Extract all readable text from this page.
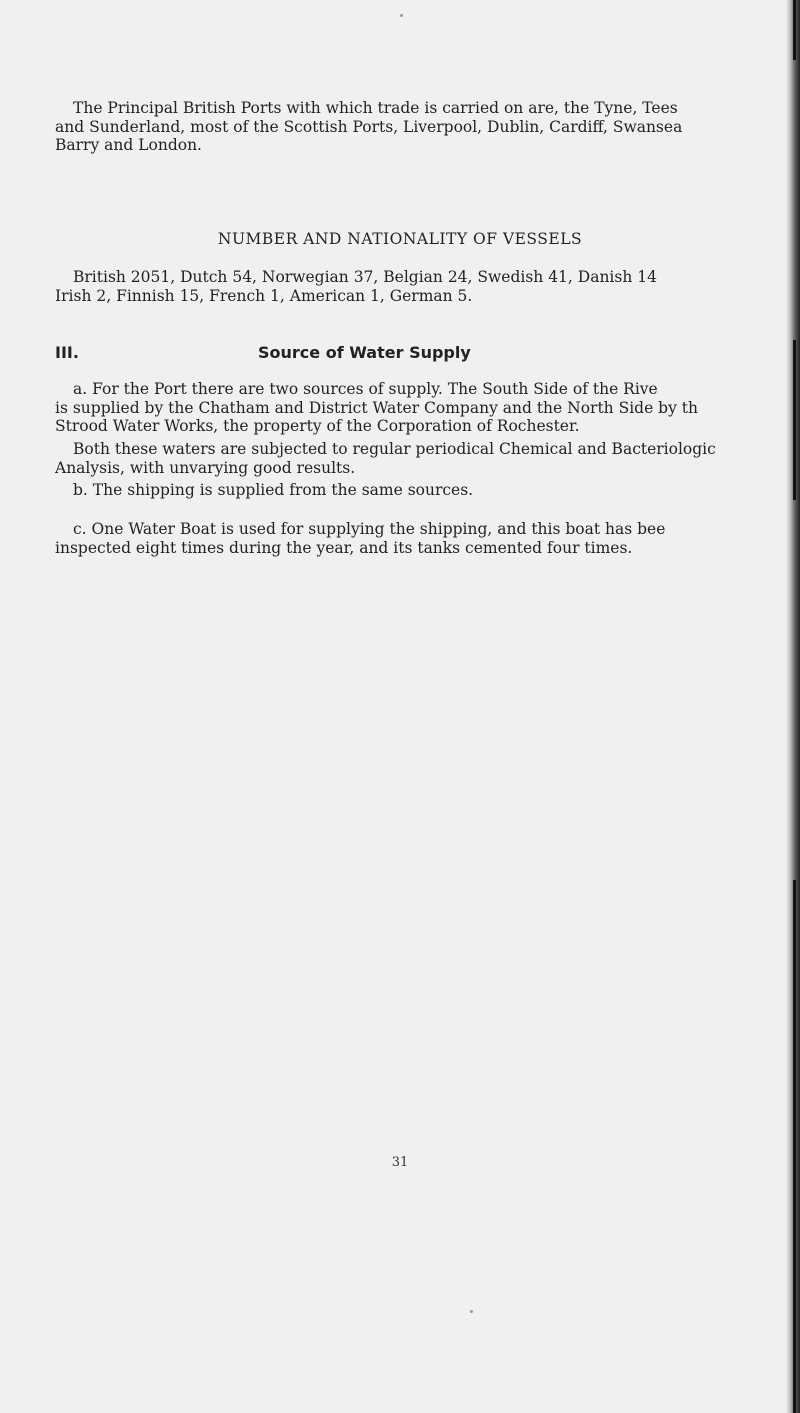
The Principal British Ports with which trade is carried on are, the Tyne, Tees
and Sunderland, most of the Scottish Ports, Liverpool, Dublin, Cardiff, Swansea
Barry and London.
NUMBER AND NATIONALITY OF VESSELS
British 2051, Dutch 54, Norwegian 37, Belgian 24, Swedish 41, Danish 14
Irish 2, Finnish 15, French 1, American 1, German 5.
III.	Source of Water Supply
a. For the Port there are two sources of supply. The South Side of the Rive
is supplied by the Chatham and District Water Company and the North Side by th
Strood Water Works, the property of the Corporation of Rochester.
Both these waters are subjected to regular periodical Chemical and Bacteriologic
Analysis, with unvarying good results.
b. The shipping is supplied from the same sources.
c. One Water Boat is used for supplying the shipping, and this boat has bee
inspected eight times during the year, and its tanks cemented four times.
31
